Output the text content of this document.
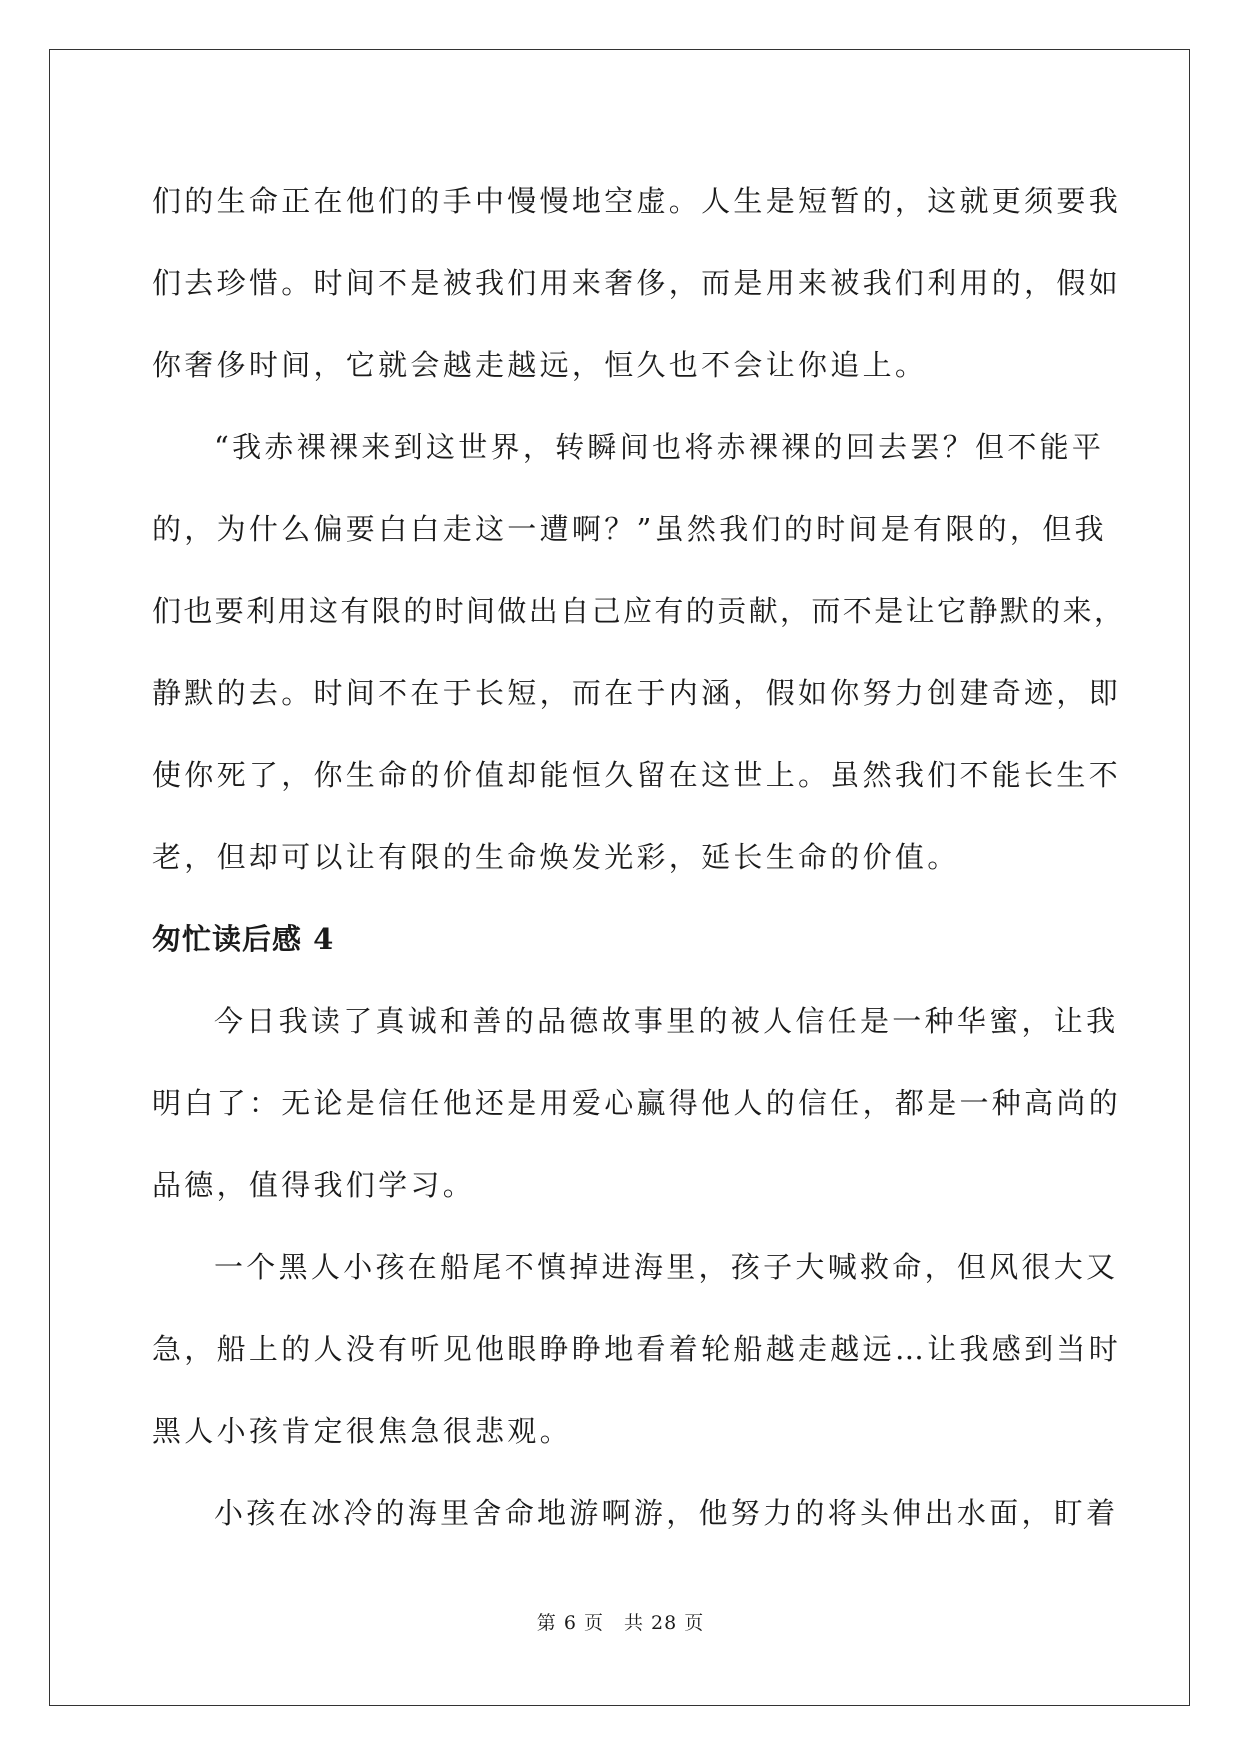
们的生命正在他们的手中慢慢地空虚。人生是短暂的，这就更须要我
们去珍惜。时间不是被我们用来奢侈，而是用来被我们利用的，假如
你奢侈时间，它就会越走越远，恒久也不会让你追上。

“我赤裸裸来到这世界，转瞬间也将赤裸裸的回去罢？但不能平
的，为什么偏要白白走这一遭啊？”虽然我们的时间是有限的，但我
们也要利用这有限的时间做出自己应有的贡献，而不是让它静默的来，
静默的去。时间不在于长短，而在于内涵，假如你努力创建奇迹，即
使你死了，你生命的价值却能恒久留在这世上。虽然我们不能长生不
老，但却可以让有限的生命焕发光彩，延长生命的价值。

匆忙读后感 4

今日我读了真诚和善的品德故事里的被人信任是一种华蜜，让我
明白了：无论是信任他还是用爱心赢得他人的信任，都是一种高尚的
品德，值得我们学习。

一个黑人小孩在船尾不慎掉进海里，孩子大喊救命，但风很大又
急，船上的人没有听见他眼睁睁地看着轮船越走越远…让我感到当时
黑人小孩肯定很焦急很悲观。

小孩在冰冷的海里舍命地游啊游，他努力的将头伸出水面，盯着

第 6 页　共 28 页
